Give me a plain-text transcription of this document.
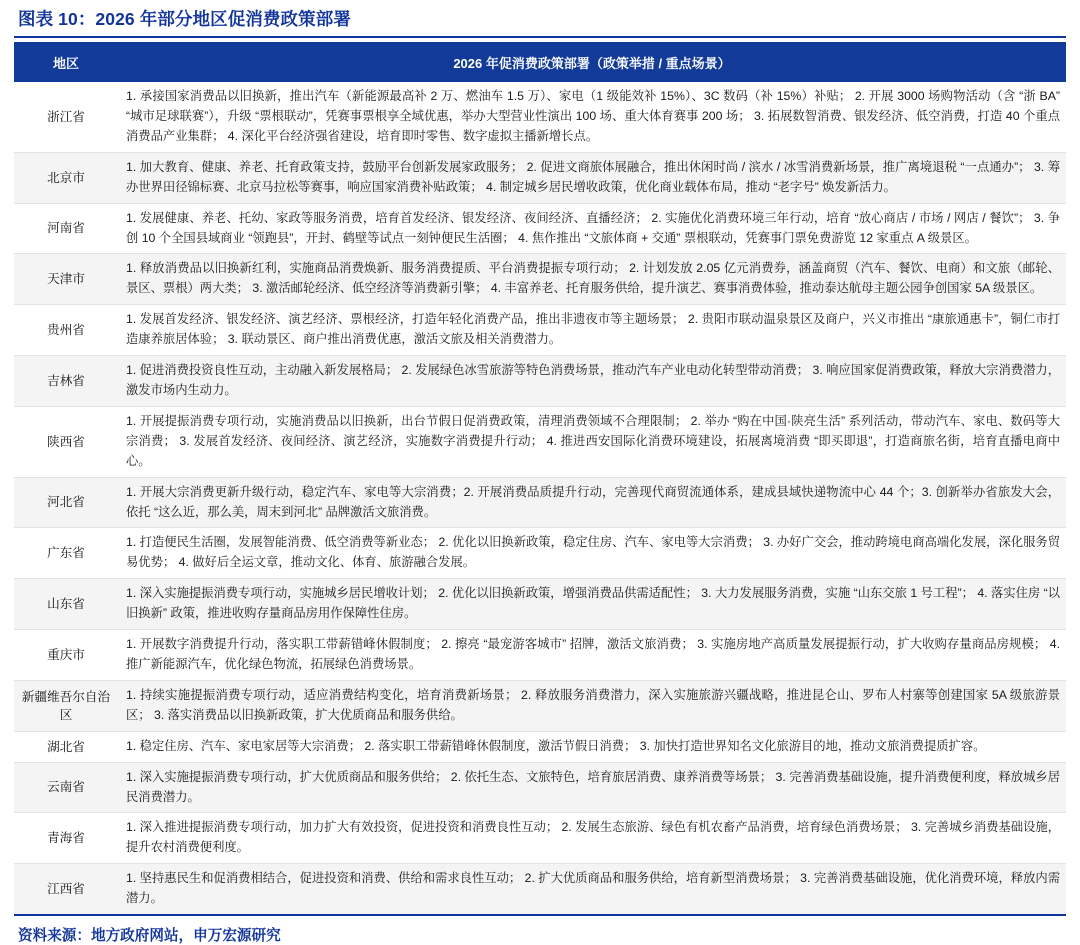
图表 10：2026 年部分地区促消费政策部署
地区	2026 年促消费政策部署（政策举措 / 重点场景）
浙江省	1. 承接国家消费品以旧换新，推出汽车（新能源最高补 2 万、燃油车 1.5 万）、家电（1 级能效补 15%）、3C 数码（补 15%）补贴； 2. 开展 3000 场购物活动（含 “浙 BA” “城市足球联赛”），升级 “票根联动”，凭赛事票根享全域优惠，举办大型营业性演出 100 场、重大体育赛事 200 场； 3. 拓展数智消费、银发经济、低空消费，打造 40 个重点消费品产业集群； 4. 深化平台经济强省建设，培育即时零售、数字虚拟主播新增长点。
北京市	1. 加大教育、健康、养老、托育政策支持，鼓励平台创新发展家政服务； 2. 促进文商旅体展融合，推出休闲时尚 / 滨水 / 冰雪消费新场景，推广离境退税 “一点通办”； 3. 筹办世界田径锦标赛、北京马拉松等赛事，响应国家消费补贴政策； 4. 制定城乡居民增收政策，优化商业载体布局，推动 “老字号” 焕发新活力。
河南省	1. 发展健康、养老、托幼、家政等服务消费，培育首发经济、银发经济、夜间经济、直播经济； 2. 实施优化消费环境三年行动，培育 “放心商店 / 市场 / 网店 / 餐饮”； 3. 争创 10 个全国县域商业 “领跑县”，开封、鹤壁等试点一刻钟便民生活圈； 4. 焦作推出 “文旅体商 + 交通” 票根联动，凭赛事门票免费游览 12 家重点 A 级景区。
天津市	1. 释放消费品以旧换新红利，实施商品消费焕新、服务消费提质、平台消费提振专项行动； 2. 计划发放 2.05 亿元消费券，涵盖商贸（汽车、餐饮、电商）和文旅（邮轮、景区、票根）两大类； 3. 激活邮轮经济、低空经济等消费新引擎； 4. 丰富养老、托育服务供给，提升演艺、赛事消费体验，推动泰达航母主题公园争创国家 5A 级景区。
贵州省	1. 发展首发经济、银发经济、演艺经济、票根经济，打造年轻化消费产品，推出非遗夜市等主题场景； 2. 贵阳市联动温泉景区及商户，兴义市推出 “康旅通惠卡”，铜仁市打造康养旅居体验； 3. 联动景区、商户推出消费优惠，激活文旅及相关消费潜力。
吉林省	1. 促进消费投资良性互动，主动融入新发展格局； 2. 发展绿色冰雪旅游等特色消费场景，推动汽车产业电动化转型带动消费； 3. 响应国家促消费政策，释放大宗消费潜力，激发市场内生动力。
陕西省	1. 开展提振消费专项行动，实施消费品以旧换新，出台节假日促消费政策，清理消费领域不合理限制； 2. 举办 “购在中国·陕亮生活” 系列活动，带动汽车、家电、数码等大宗消费； 3. 发展首发经济、夜间经济、演艺经济，实施数字消费提升行动； 4. 推进西安国际化消费环境建设，拓展离境消费 “即买即退”，打造商旅名街，培育直播电商中心。
河北省	1. 开展大宗消费更新升级行动，稳定汽车、家电等大宗消费；2. 开展消费品质提升行动，完善现代商贸流通体系，建成县域快递物流中心 44 个；3. 创新举办省旅发大会，依托 “这么近，那么美，周末到河北” 品牌激活文旅消费。
广东省	1. 打造便民生活圈，发展智能消费、低空消费等新业态； 2. 优化以旧换新政策，稳定住房、汽车、家电等大宗消费； 3. 办好广交会，推动跨境电商高端化发展，深化服务贸易优势； 4. 做好后全运文章，推动文化、体育、旅游融合发展。
山东省	1. 深入实施提振消费专项行动，实施城乡居民增收计划； 2. 优化以旧换新政策，增强消费品供需适配性； 3. 大力发展服务消费，实施 “山东交旅 1 号工程”； 4. 落实住房 “以旧换新” 政策，推进收购存量商品房用作保障性住房。
重庆市	1. 开展数字消费提升行动，落实职工带薪错峰休假制度； 2. 擦亮 “最宠游客城市” 招牌，激活文旅消费； 3. 实施房地产高质量发展提振行动，扩大收购存量商品房规模； 4. 推广新能源汽车，优化绿色物流，拓展绿色消费场景。
新疆维吾尔自治区	1. 持续实施提振消费专项行动，适应消费结构变化，培育消费新场景； 2. 释放服务消费潜力，深入实施旅游兴疆战略，推进昆仑山、罗布人村寨等创建国家 5A 级旅游景区； 3. 落实消费品以旧换新政策，扩大优质商品和服务供给。
湖北省	1. 稳定住房、汽车、家电家居等大宗消费； 2. 落实职工带薪错峰休假制度，激活节假日消费； 3. 加快打造世界知名文化旅游目的地，推动文旅消费提质扩容。
云南省	1. 深入实施提振消费专项行动，扩大优质商品和服务供给； 2. 依托生态、文旅特色，培育旅居消费、康养消费等场景； 3. 完善消费基础设施，提升消费便利度，释放城乡居民消费潜力。
青海省	1. 深入推进提振消费专项行动，加力扩大有效投资，促进投资和消费良性互动； 2. 发展生态旅游、绿色有机农畜产品消费，培育绿色消费场景； 3. 完善城乡消费基础设施，提升农村消费便利度。
江西省	1. 坚持惠民生和促消费相结合，促进投资和消费、供给和需求良性互动； 2. 扩大优质商品和服务供给，培育新型消费场景； 3. 完善消费基础设施，优化消费环境，释放内需潜力。
资料来源：地方政府网站，申万宏源研究
